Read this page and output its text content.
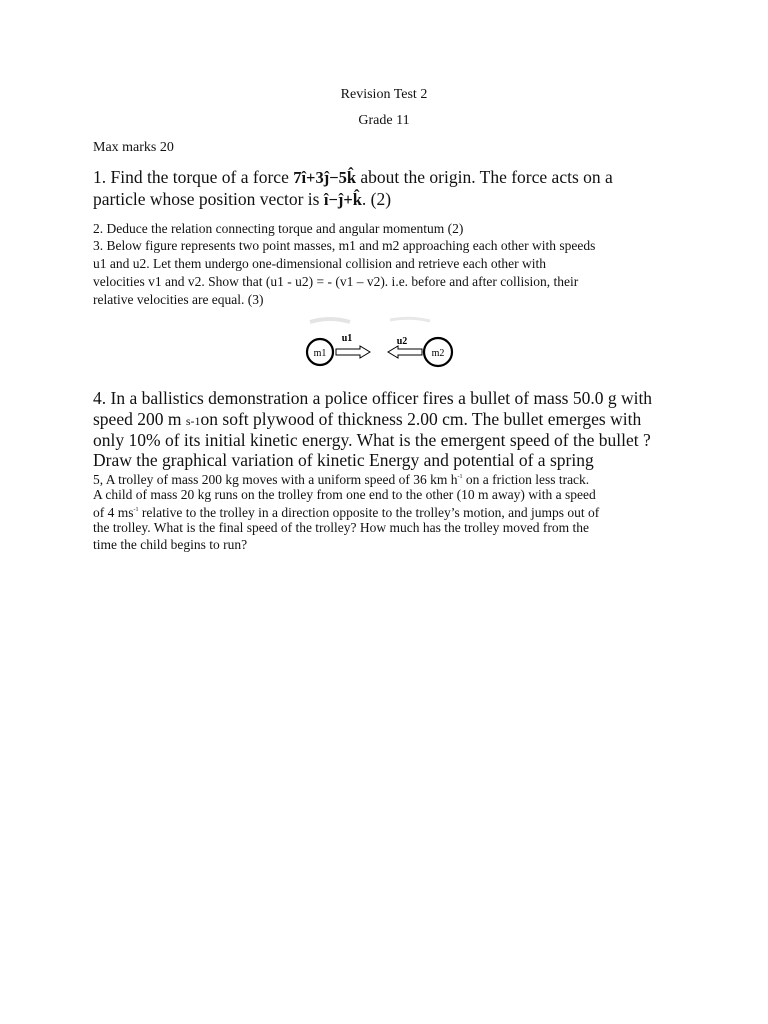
Revision Test 2
Grade 11
Max marks 20
1. Find the torque of a force 7î+3ĵ−5k̂ about the origin. The force acts on a
particle whose position vector is î−ĵ+k̂. (2)
2. Deduce the relation connecting torque and angular momentum (2)
3. Below figure represents two point masses, m1 and m2 approaching each other with speeds
u1 and u2. Let them undergo one-dimensional collision and retrieve each other with
velocities v1 and v2. Show that (u1 - u2) = - (v1 – v2). i.e. before and after collision, their
relative velocities are equal. (3)
m1
u1	u2
m2
4. In a ballistics demonstration a police officer fires a bullet of mass 50.0 g with
speed 200 m s-1on soft plywood of thickness 2.00 cm. The bullet emerges with
only 10% of its initial kinetic energy. What is the emergent speed of the bullet ?
Draw the graphical variation of kinetic Energy and potential of a spring
5, A trolley of mass 200 kg moves with a uniform speed of 36 km $h^{-1}$ on a friction less track.
A child of mass 20 kg runs on the trolley from one end to the other (10 m away) with a speed
of 4 $ms^{-1}$ relative to the trolley in a direction opposite to the trolley’s motion, and jumps out of
the trolley. What is the final speed of the trolley? How much has the trolley moved from the
time the child begins to run?
